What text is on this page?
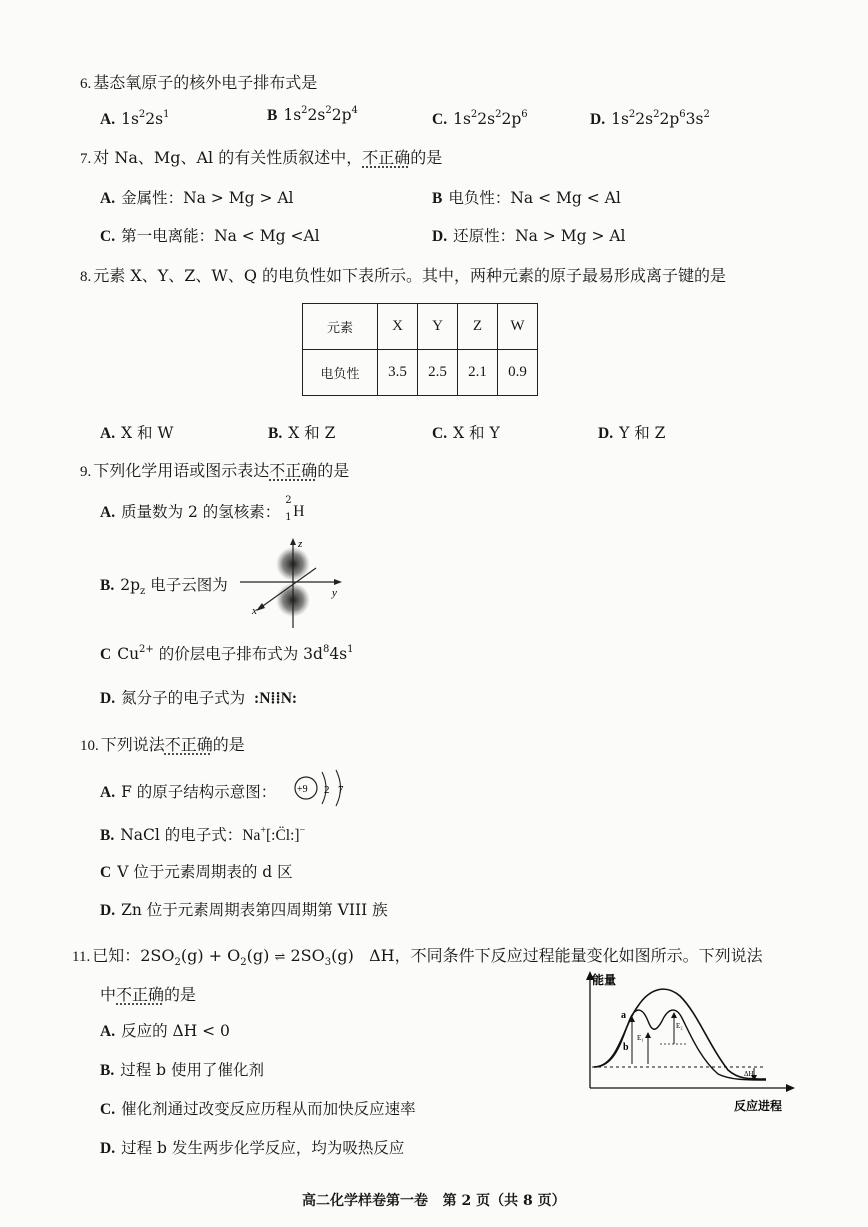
6. 基态氧原子的核外电子排布式是
A. $1s^22s^1$	B $1s^22s^22p^4$
C. $1s^22s^22p^6$	D. $1s^22s^22p^63s^2$
7. 对 Na、Mg、Al 的有关性质叙述中，不正确的是
A. 金属性：Na > Mg > Al	B 电负性：Na < Mg < Al
C. 第一电离能：Na < Mg <Al	D. 还原性：Na > Mg > Al
8. 元素 X、Y、Z、W、Q 的电负性如下表所示。其中，两种元素的原子最易形成离子键的是
元素	X	Y	Z	W
电负性	3.5	2.5	2.1	0.9
A. X 和 W	B. X 和 Z	C. X 和 Y	D. Y 和 Z
9. 下列化学用语或图示表达不正确的是
A. 质量数为 2 的氢核素：
2
1 H
B. $2p_z$ 电子云图为
z
y
x
C $Cu^{2+}$ 的价层电子排布式为 $3d^84s^1$
D. 氮分子的电子式为 :N⁞⁞N:
10. 下列说法不正确的是
A. F 的原子结构示意图： +9 2 7
B. NaCl 的电子式：Na+[:C̈l:]−
C V 位于元素周期表的 d 区
D. Zn 位于元素周期表第四周期第 VIII 族
11. 已知：$2SO_2(g) + O_2(g)$ ⇌ $2SO_3(g)$   ΔH，不同条件下反应过程能量变化如图所示。下列说法
中不正确的是
A. 反应的 ΔH < 0
B. 过程 b 使用了催化剂
C. 催化剂通过改变反应历程从而加快反应速率
D. 过程 b 发生两步化学反应，均为吸热反应
能量
反应进程
a
b
E₁
E₂
ΔH
高二化学样卷第一卷 第 2 页（共 8 页）
